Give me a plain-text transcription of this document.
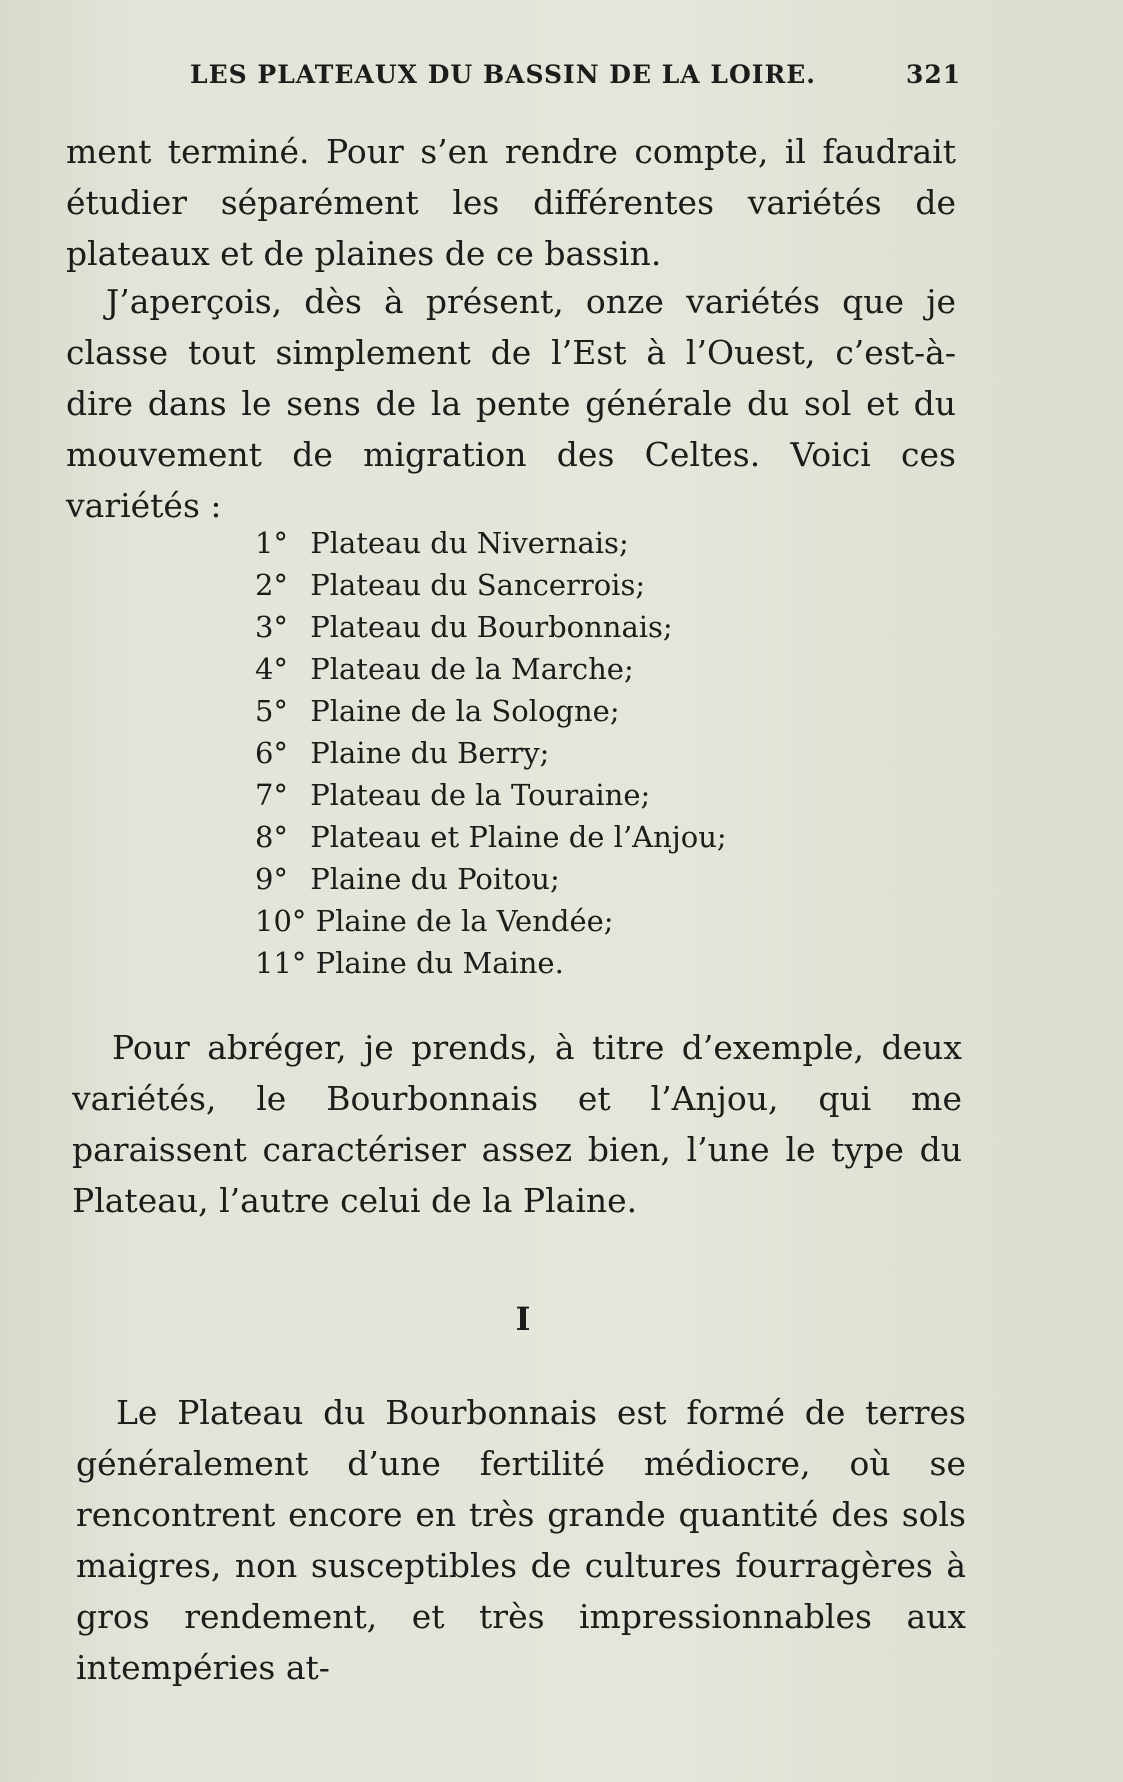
LES PLATEAUX DU BASSIN DE LA LOIRE.	321

ment terminé. Pour s’en rendre compte, il faudrait étudier séparément les différentes variétés de plateaux et de plaines de ce bassin.

J’aperçois, dès à présent, onze variétés que je classe tout simplement de l’Est à l’Ouest, c’est-à-dire dans le sens de la pente générale du sol et du mouvement de migration des Celtes. Voici ces variétés :

1° Plateau du Nivernais;
2° Plateau du Sancerrois;
3° Plateau du Bourbonnais;
4° Plateau de la Marche;
5° Plaine de la Sologne;
6° Plaine du Berry;
7° Plateau de la Touraine;
8° Plateau et Plaine de l’Anjou;
9° Plaine du Poitou;
10° Plaine de la Vendée;
11° Plaine du Maine.

Pour abréger, je prends, à titre d’exemple, deux variétés, le Bourbonnais et l’Anjou, qui me paraissent caractériser assez bien, l’une le type du Plateau, l’autre celui de la Plaine.

I

Le Plateau du Bourbonnais est formé de terres généralement d’une fertilité médiocre, où se rencontrent encore en très grande quantité des sols maigres, non susceptibles de cultures fourragères à gros rendement, et très impressionnables aux intempéries at-
